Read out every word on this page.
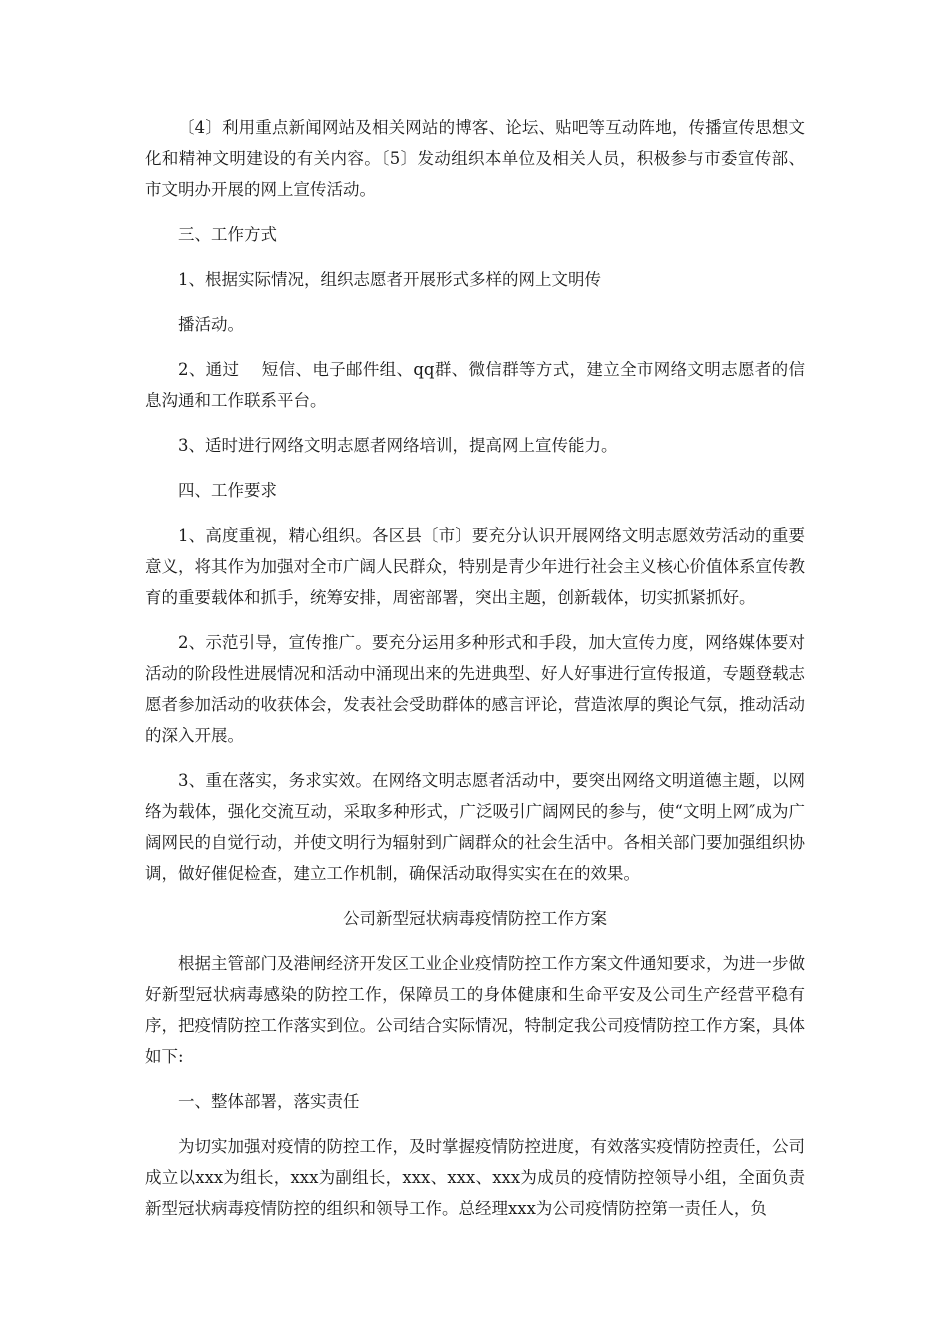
〔4〕利用重点新闻网站及相关网站的博客、论坛、贴吧等互动阵地，传播宣传思想文化和精神文明建设的有关内容。〔5〕发动组织本单位及相关人员，积极参与市委宣传部、市文明办开展的网上宣传活动。

三、工作方式

1、根据实际情况，组织志愿者开展形式多样的网上文明传

播活动。

2、通过　 短信、电子邮件组、qq群、微信群等方式，建立全市网络文明志愿者的信息沟通和工作联系平台。

3、适时进行网络文明志愿者网络培训，提高网上宣传能力。

四、工作要求

1、高度重视，精心组织。各区县〔市〕要充分认识开展网络文明志愿效劳活动的重要意义，将其作为加强对全市广阔人民群众，特别是青少年进行社会主义核心价值体系宣传教育的重要载体和抓手，统筹安排，周密部署，突出主题，创新载体，切实抓紧抓好。

2、示范引导，宣传推广。要充分运用多种形式和手段，加大宣传力度，网络媒体要对活动的阶段性进展情况和活动中涌现出来的先进典型、好人好事进行宣传报道，专题登载志愿者参加活动的收获体会，发表社会受助群体的感言评论，营造浓厚的舆论气氛，推动活动的深入开展。

3、重在落实，务求实效。在网络文明志愿者活动中，要突出网络文明道德主题，以网络为载体，强化交流互动，采取多种形式，广泛吸引广阔网民的参与，使“文明上网″成为广阔网民的自觉行动，并使文明行为辐射到广阔群众的社会生活中。各相关部门要加强组织协调，做好催促检查，建立工作机制，确保活动取得实实在在的效果。

公司新型冠状病毒疫情防控工作方案

根据主管部门及港闸经济开发区工业企业疫情防控工作方案文件通知要求，为进一步做好新型冠状病毒感染的防控工作，保障员工的身体健康和生命平安及公司生产经营平稳有序，把疫情防控工作落实到位。公司结合实际情况，特制定我公司疫情防控工作方案，具体如下:

一、整体部署，落实责任

为切实加强对疫情的防控工作，及时掌握疫情防控进度，有效落实疫情防控责任，公司成立以xxx为组长，xxx为副组长，xxx、xxx、xxx为成员的疫情防控领导小组，全面负责新型冠状病毒疫情防控的组织和领导工作。总经理xxx为公司疫情防控第一责任人，负
